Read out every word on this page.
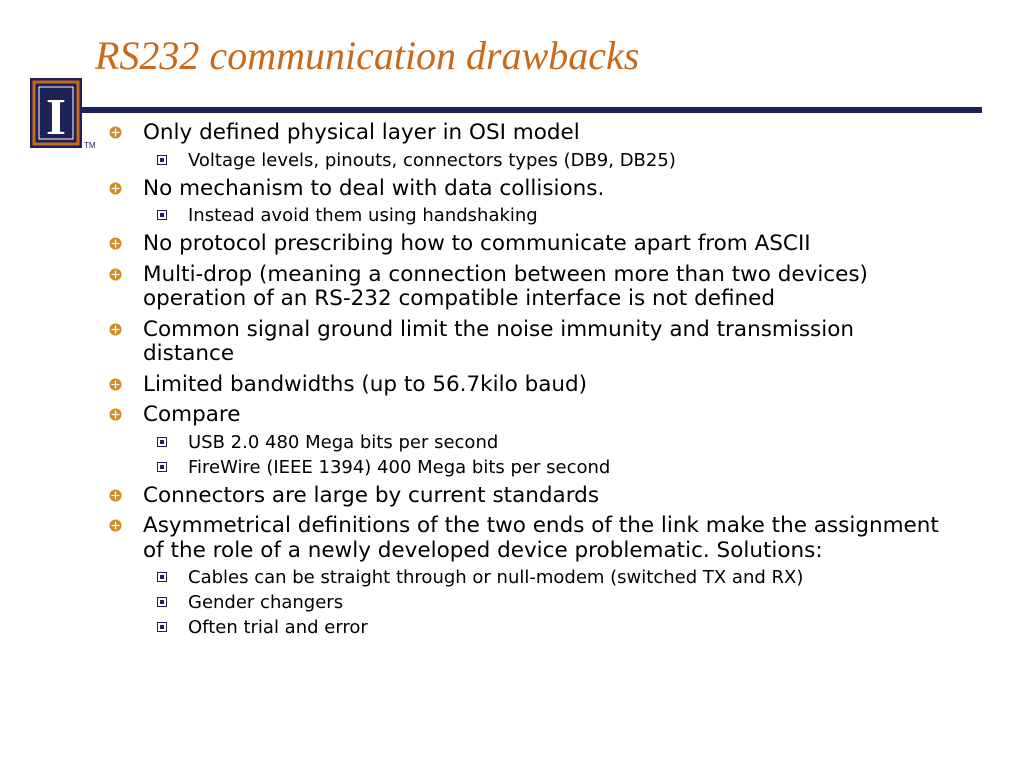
RS232 communication drawbacks
I TM
Only defined physical layer in OSI model
Voltage levels, pinouts, connectors types (DB9, DB25)
No mechanism to deal with data collisions.
Instead avoid them using handshaking
No protocol prescribing how to communicate apart from ASCII
Multi-drop (meaning a connection between more than two devices) operation of an RS-232 compatible interface is not defined
Common signal ground limit the noise immunity and transmission distance
Limited bandwidths (up to 56.7kilo baud)
Compare
USB 2.0 480 Mega bits per second
FireWire (IEEE 1394) 400 Mega bits per second
Connectors are large by current standards
Asymmetrical definitions of the two ends of the link make the assignment of the role of a newly developed device problematic. Solutions:
Cables can be straight through or null-modem (switched TX and RX)
Gender changers
Often trial and error
